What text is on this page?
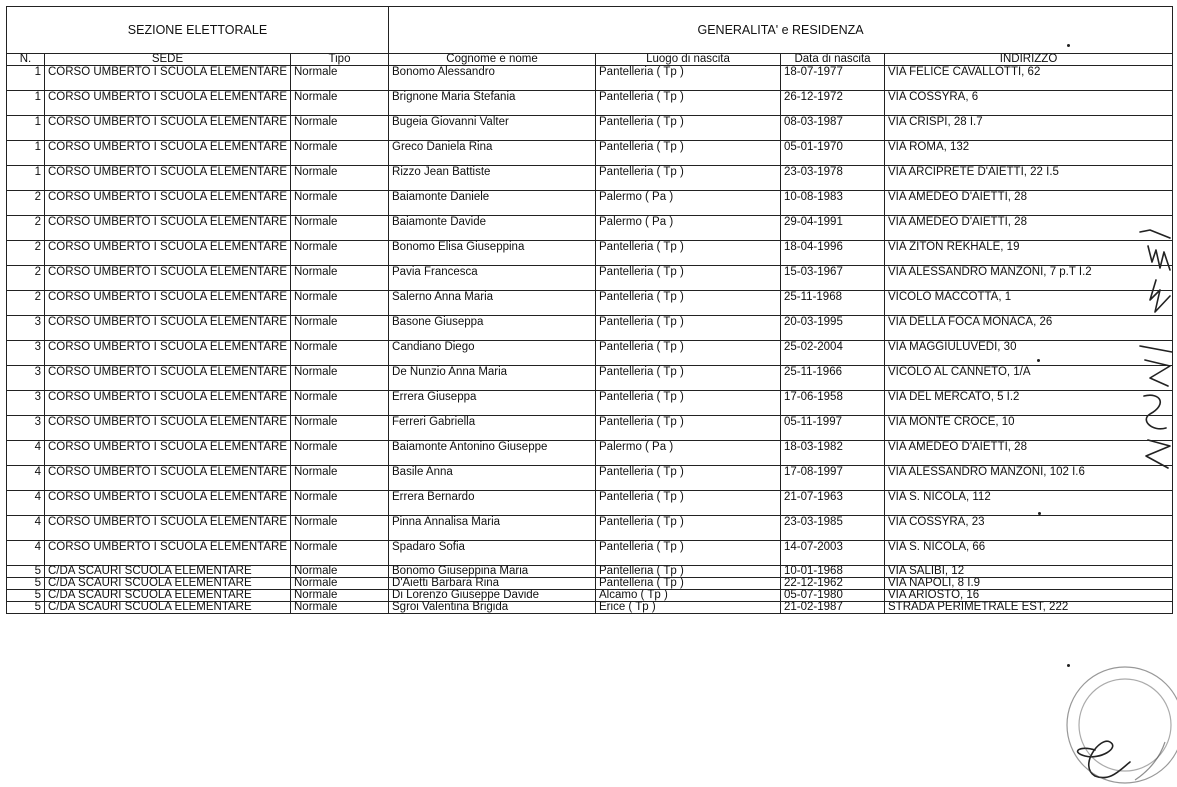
SEZIONE ELETTORALE			GENERALITA' e RESIDENZA			
N.	SEDE	Tipo	Cognome e nome	Luogo di nascita	Data di nascita	INDIRIZZO
1	CORSO UMBERTO I SCUOLA ELEMENTARE	Normale	Bonomo Alessandro	Pantelleria ( Tp )	18-07-1977	VIA FELICE CAVALLOTTI, 62
1	CORSO UMBERTO I SCUOLA ELEMENTARE	Normale	Brignone Maria Stefania	Pantelleria ( Tp )	26-12-1972	VIA COSSYRA, 6
1	CORSO UMBERTO I SCUOLA ELEMENTARE	Normale	Bugeia Giovanni Valter	Pantelleria ( Tp )	08-03-1987	VIA CRISPI, 28 I.7
1	CORSO UMBERTO I SCUOLA ELEMENTARE	Normale	Greco Daniela Rina	Pantelleria ( Tp )	05-01-1970	VIA ROMA, 132
1	CORSO UMBERTO I SCUOLA ELEMENTARE	Normale	Rizzo Jean Battiste	Pantelleria ( Tp )	23-03-1978	VIA ARCIPRETE D'AIETTI, 22 I.5
2	CORSO UMBERTO I SCUOLA ELEMENTARE	Normale	Baiamonte Daniele	Palermo ( Pa )	10-08-1983	VIA AMEDEO D'AIETTI, 28
2	CORSO UMBERTO I SCUOLA ELEMENTARE	Normale	Baiamonte Davide	Palermo ( Pa )	29-04-1991	VIA AMEDEO D'AIETTI, 28
2	CORSO UMBERTO I SCUOLA ELEMENTARE	Normale	Bonomo Elisa Giuseppina	Pantelleria ( Tp )	18-04-1996	VIA ZITON REKHALE, 19
2	CORSO UMBERTO I SCUOLA ELEMENTARE	Normale	Pavia Francesca	Pantelleria ( Tp )	15-03-1967	VIA ALESSANDRO MANZONI, 7 p.T I.2
2	CORSO UMBERTO I SCUOLA ELEMENTARE	Normale	Salerno Anna Maria	Pantelleria ( Tp )	25-11-1968	VICOLO MACCOTTA, 1
3	CORSO UMBERTO I SCUOLA ELEMENTARE	Normale	Basone Giuseppa	Pantelleria ( Tp )	20-03-1995	VIA DELLA FOCA MONACA, 26
3	CORSO UMBERTO I SCUOLA ELEMENTARE	Normale	Candiano Diego	Pantelleria ( Tp )	25-02-2004	VIA MAGGIULUVEDI, 30
3	CORSO UMBERTO I SCUOLA ELEMENTARE	Normale	De Nunzio Anna Maria	Pantelleria ( Tp )	25-11-1966	VICOLO AL CANNETO, 1/A
3	CORSO UMBERTO I SCUOLA ELEMENTARE	Normale	Errera Giuseppa	Pantelleria ( Tp )	17-06-1958	VIA DEL MERCATO, 5 I.2
3	CORSO UMBERTO I SCUOLA ELEMENTARE	Normale	Ferreri Gabriella	Pantelleria ( Tp )	05-11-1997	VIA MONTE CROCE, 10
4	CORSO UMBERTO I SCUOLA ELEMENTARE	Normale	Baiamonte Antonino Giuseppe	Palermo ( Pa )	18-03-1982	VIA AMEDEO D'AIETTI, 28
4	CORSO UMBERTO I SCUOLA ELEMENTARE	Normale	Basile Anna	Pantelleria ( Tp )	17-08-1997	VIA ALESSANDRO MANZONI, 102 I.6
4	CORSO UMBERTO I SCUOLA ELEMENTARE	Normale	Errera Bernardo	Pantelleria ( Tp )	21-07-1963	VIA S. NICOLA, 112
4	CORSO UMBERTO I SCUOLA ELEMENTARE	Normale	Pinna Annalisa Maria	Pantelleria ( Tp )	23-03-1985	VIA COSSYRA, 23
4	CORSO UMBERTO I SCUOLA ELEMENTARE	Normale	Spadaro Sofia	Pantelleria ( Tp )	14-07-2003	VIA S. NICOLA, 66
5	C/DA SCAURI SCUOLA ELEMENTARE	Normale	Bonomo Giuseppina Maria	Pantelleria ( Tp )	10-01-1968	VIA SALIBI, 12
5	C/DA SCAURI SCUOLA ELEMENTARE	Normale	D'Aietti Barbara Rina	Pantelleria ( Tp )	22-12-1962	VIA NAPOLI, 8 I.9
5	C/DA SCAURI SCUOLA ELEMENTARE	Normale	Di Lorenzo Giuseppe Davide	Alcamo ( Tp )	05-07-1980	VIA ARIOSTO, 16
5	C/DA SCAURI SCUOLA ELEMENTARE	Normale	Sgroi Valentina Brigida	Erice ( Tp )	21-02-1987	STRADA PERIMETRALE EST, 222
